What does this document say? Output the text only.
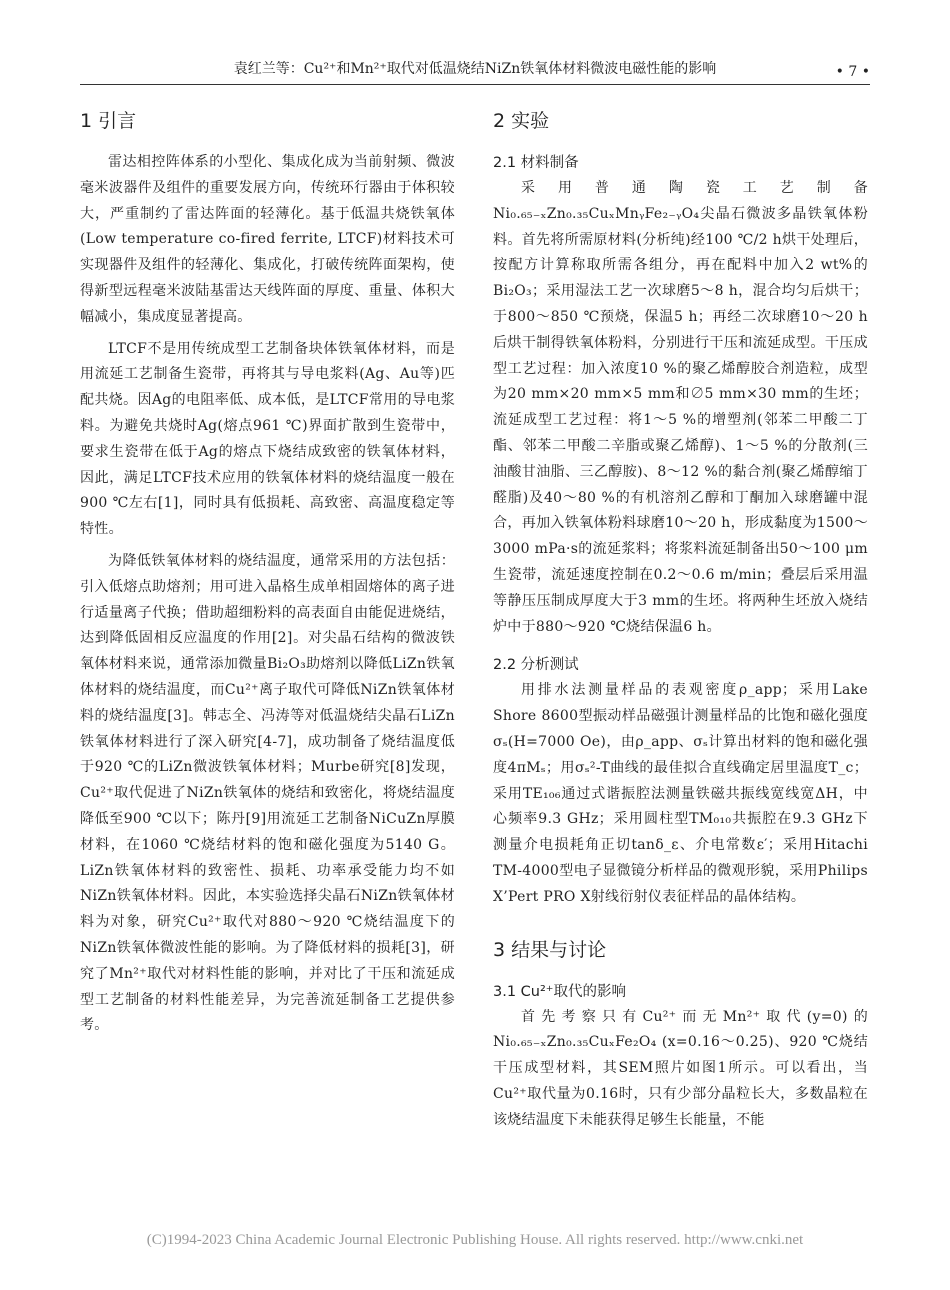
袁红兰等：Cu²⁺和Mn²⁺取代对低温烧结NiZn铁氧体材料微波电磁性能的影响	• 7 •
1 引言

雷达相控阵体系的小型化、集成化成为当前射频、微波毫米波器件及组件的重要发展方向，传统环行器由于体积较大，严重制约了雷达阵面的轻薄化。基于低温共烧铁氧体(Low temperature co-fired ferrite, LTCF)材料技术可实现器件及组件的轻薄化、集成化，打破传统阵面架构，使得新型远程毫米波陆基雷达天线阵面的厚度、重量、体积大幅减小，集成度显著提高。

LTCF不是用传统成型工艺制备块体铁氧体材料，而是用流延工艺制备生瓷带，再将其与导电浆料(Ag、Au等)匹配共烧。因Ag的电阻率低、成本低，是LTCF常用的导电浆料。为避免共烧时Ag(熔点961 ℃)界面扩散到生瓷带中，要求生瓷带在低于Ag的熔点下烧结成致密的铁氧体材料，因此，满足LTCF技术应用的铁氧体材料的烧结温度一般在900 ℃左右[1]，同时具有低损耗、高致密、高温度稳定等特性。

为降低铁氧体材料的烧结温度，通常采用的方法包括：引入低熔点助熔剂；用可进入晶格生成单相固熔体的离子进行适量离子代换；借助超细粉料的高表面自由能促进烧结，达到降低固相反应温度的作用[2]。对尖晶石结构的微波铁氧体材料来说，通常添加微量Bi₂O₃助熔剂以降低LiZn铁氧体材料的烧结温度，而Cu²⁺离子取代可降低NiZn铁氧体材料的烧结温度[3]。韩志全、冯涛等对低温烧结尖晶石LiZn铁氧体材料进行了深入研究[4-7]，成功制备了烧结温度低于920 ℃的LiZn微波铁氧体材料；Murbe研究[8]发现，Cu²⁺取代促进了NiZn铁氧体的烧结和致密化，将烧结温度降低至900 ℃以下；陈丹[9]用流延工艺制备NiCuZn厚膜材料，在1060 ℃烧结材料的饱和磁化强度为5140 G。LiZn铁氧体材料的致密性、损耗、功率承受能力均不如NiZn铁氧体材料。因此，本实验选择尖晶石NiZn铁氧体材料为对象，研究Cu²⁺取代对880～920 ℃烧结温度下的NiZn铁氧体微波性能的影响。为了降低材料的损耗[3]，研究了Mn²⁺取代对材料性能的影响，并对比了干压和流延成型工艺制备的材料性能差异，为完善流延制备工艺提供参考。

2 实验
2.1 材料制备

采用普通陶瓷工艺制备Ni₀.₆₅₋ₓZn₀.₃₅CuₓMnᵧFe₂₋ᵧO₄尖晶石微波多晶铁氧体粉料。首先将所需原材料(分析纯)经100 ℃/2 h烘干处理后，按配方计算称取所需各组分，再在配料中加入2 wt%的Bi₂O₃；采用湿法工艺一次球磨5～8 h，混合均匀后烘干；于800～850 ℃预烧，保温5 h；再经二次球磨10～20 h后烘干制得铁氧体粉料，分别进行干压和流延成型。干压成型工艺过程：加入浓度10 %的聚乙烯醇胶合剂造粒，成型为20 mm×20 mm×5 mm和∅5 mm×30 mm的生坯；流延成型工艺过程：将1～5 %的增塑剂(邻苯二甲酸二丁酯、邻苯二甲酸二辛脂或聚乙烯醇)、1～5 %的分散剂(三油酸甘油脂、三乙醇胺)、8～12 %的黏合剂(聚乙烯醇缩丁醛脂)及40～80 %的有机溶剂乙醇和丁酮加入球磨罐中混合，再加入铁氧体粉料球磨10～20 h，形成黏度为1500～3000 mPa·s的流延浆料；将浆料流延制备出50～100 μm生瓷带，流延速度控制在0.2～0.6 m/min；叠层后采用温等静压压制成厚度大于3 mm的生坯。将两种生坯放入烧结炉中于880～920 ℃烧结保温6 h。

2.2 分析测试

用排水法测量样品的表观密度ρ_app；采用Lake Shore 8600型振动样品磁强计测量样品的比饱和磁化强度σₛ(H=7000 Oe)，由ρ_app、σₛ计算出材料的饱和磁化强度4πMₛ；用σₛ²-T曲线的最佳拟合直线确定居里温度T_c；采用TE₁₀₆通过式谐振腔法测量铁磁共振线宽线宽ΔH，中心频率9.3 GHz；采用圆柱型TM₀₁₀共振腔在9.3 GHz下测量介电损耗角正切tanδ_ε、介电常数ε′；采用Hitachi TM-4000型电子显微镜分析样品的微观形貌，采用Philips X’Pert PRO X射线衍射仪表征样品的晶体结构。

3 结果与讨论
3.1 Cu²⁺取代的影响

首先考察只有Cu²⁺而无Mn²⁺取代(y=0)的Ni₀.₆₅₋ₓZn₀.₃₅CuₓFe₂O₄ (x=0.16～0.25)、920 ℃烧结干压成型材料，其SEM照片如图1所示。可以看出，当Cu²⁺取代量为0.16时，只有少部分晶粒长大，多数晶粒在该烧结温度下未能获得足够生长能量，不能

(C)1994-2023 China Academic Journal Electronic Publishing House. All rights reserved. http://www.cnki.net
